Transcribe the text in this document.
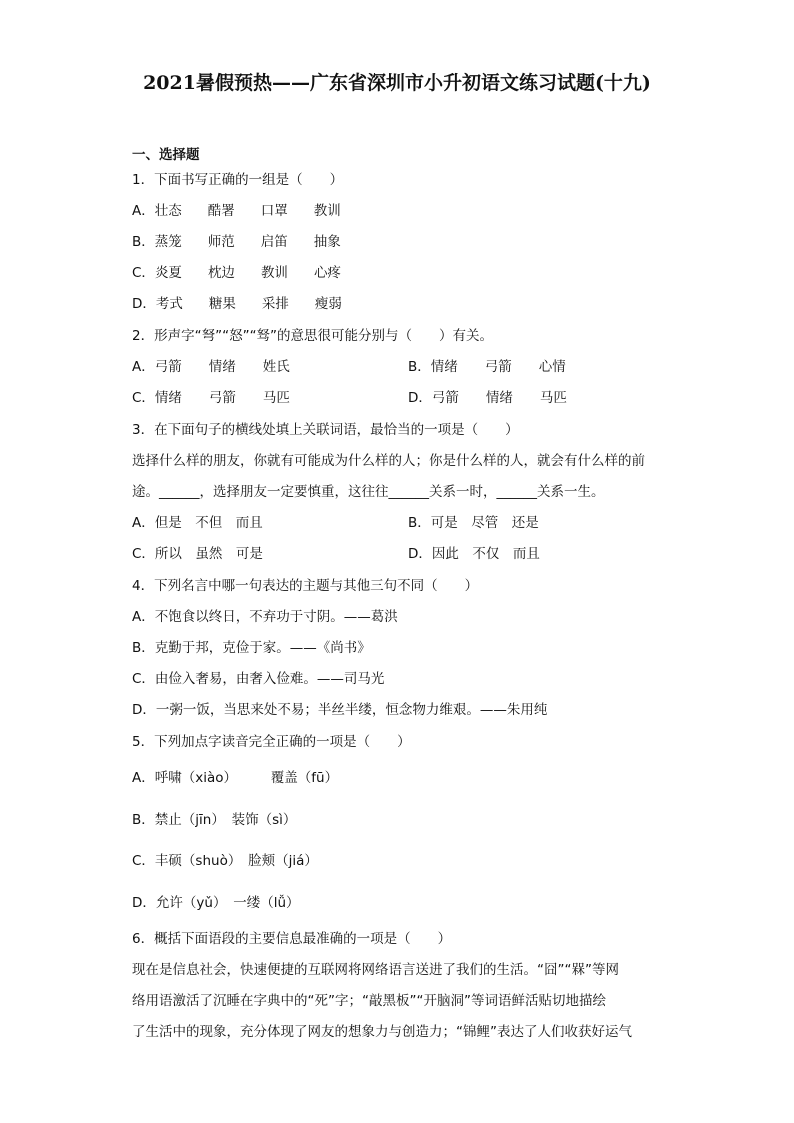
2021暑假预热——广东省深圳市小升初语文练习试题(十九)
一、选择题
1．下面书写正确的一组是（　　）
A．壮态 酷署 口罩 教训
B．蒸笼 师范 启笛 抽象
C．炎夏 枕边 教训 心疼
D．考式 糖果 采排 瘦弱
2．形声字“弩”“怒”“驽”的意思很可能分别与（　　）有关。
A．弓箭　　情绪　　姓氏	B．情绪　　弓箭　　心情
C．情绪　　弓箭　　马匹	D．弓箭　　情绪　　马匹
3．在下面句子的横线处填上关联词语，最恰当的一项是（　　）
选择什么样的朋友，你就有可能成为什么样的人；你是什么样的人，就会有什么样的前
途。______，选择朋友一定要慎重，这往往______关系一时，______关系一生。
A．但是　不但　而且	B．可是　尽管　还是
C．所以　虽然　可是	D．因此　不仅　而且
4．下列名言中哪一句表达的主题与其他三句不同（　　）
A．不饱食以终日，不弃功于寸阴。——葛洪
B．克勤于邦，克俭于家。——《尚书》
C．由俭入奢易，由奢入俭难。——司马光
D．一粥一饭，当思来处不易；半丝半缕，恒念物力维艰。——朱用纯
5．下列加点字读音完全正确的一项是（　　）
A．呼啸（xiào）　　　覆盖（fū）
B．禁止（jīn）　装饰（sì）
C．丰硕（shuò）　脸颊（jiá）
D．允许（yǔ）　一缕（lǚ）
6．概括下面语段的主要信息最准确的一项是（　　）
现在是信息社会，快速便捷的互联网将网络语言送进了我们的生活。“囧”“槑”等网
络用语激活了沉睡在字典中的“死”字；“敲黑板”“开脑洞”等词语鲜活贴切地描绘
了生活中的现象，充分体现了网友的想象力与创造力；“锦鲤”表达了人们收获好运气
